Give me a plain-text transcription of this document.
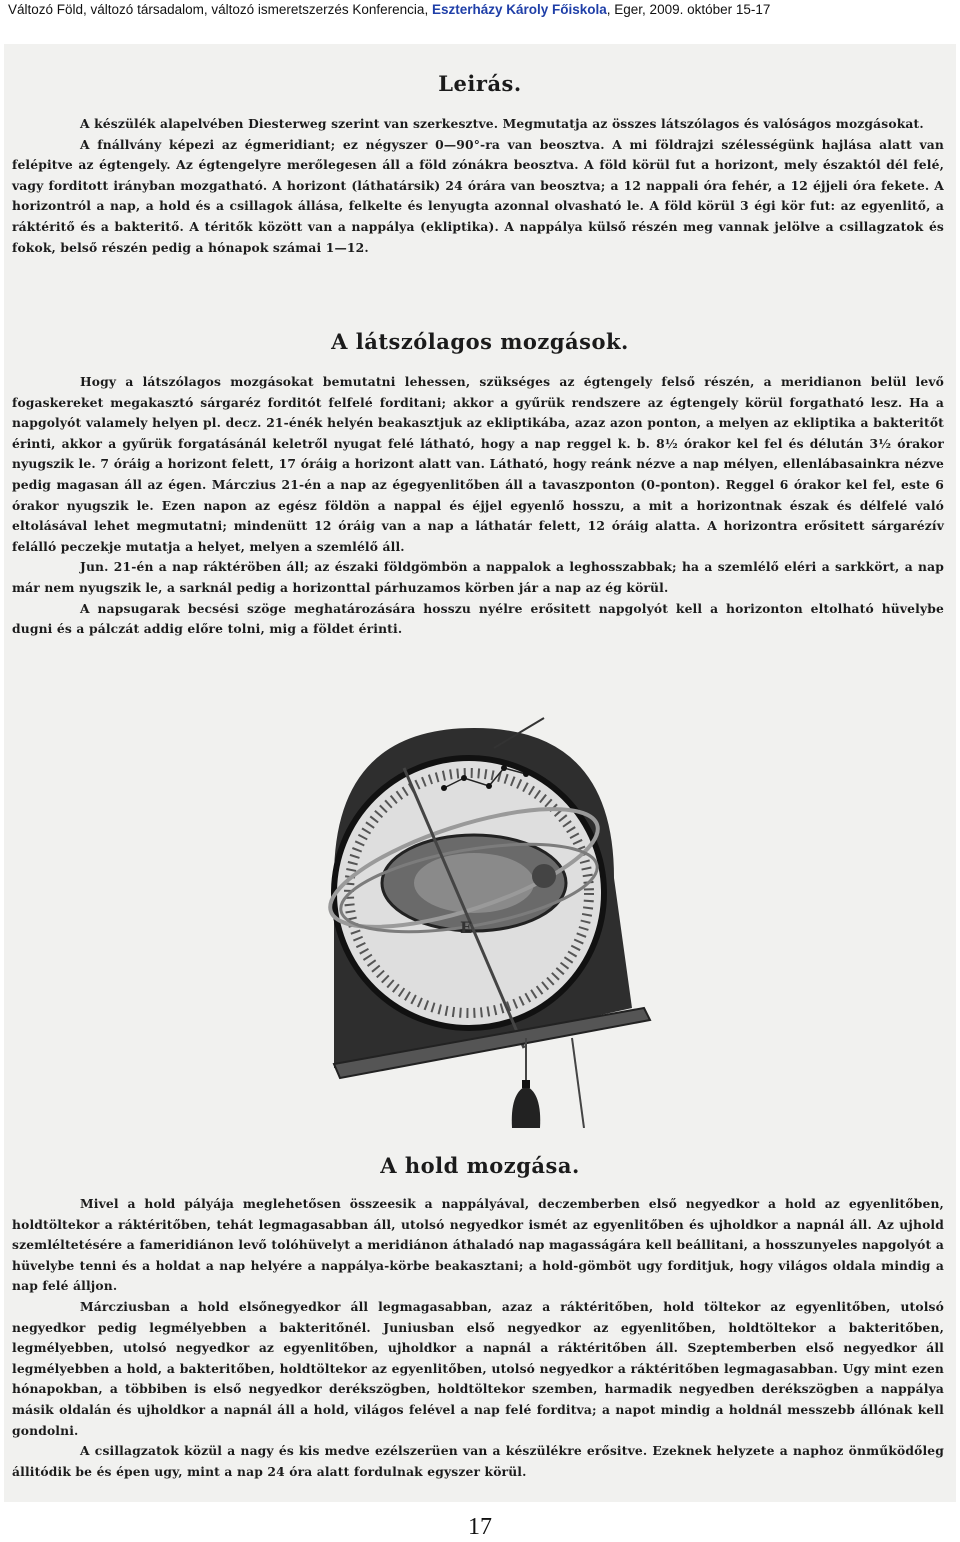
Változó Föld, változó társadalom, változó ismeretszerzés Konferencia, Eszterházy Károly Főiskola, Eger, 2009. október 15-17
Leirás.

A készülék alapelvében Diesterweg szerint van szerkesztve. Megmutatja az összes látszólagos és valóságos mozgásokat.

A fnállvány képezi az égmeridiant; ez négyszer 0—90°-ra van beosztva. A mi földrajzi szélességünk hajlása alatt van felépitve az égtengely. Az égtengelyre merőlegesen áll a föld zónákra beosztva. A föld körül fut a horizont, mely északtól dél felé, vagy forditott irányban mozgatható. A horizont (láthatársik) 24 órára van beosztva; a 12 nappali óra fehér, a 12 éjjeli óra fekete. A horizontról a nap, a hold és a csillagok állása, felkelte és lenyugta azonnal olvasható le. A föld körül 3 égi kör fut: az egyenlitő, a ráktéritő és a bakteritő. A téritők között van a nappálya (ekliptika). A nappálya külső részén meg vannak jelölve a csillagzatok és fokok, belső részén pedig a hónapok számai 1—12.

A látszólagos mozgások.

Hogy a látszólagos mozgásokat bemutatni lehessen, szükséges az égtengely felső részén, a meridianon belül levő fogaskereket megakasztó sárgaréz forditót felfelé forditani; akkor a gyűrük rendszere az égtengely körül forgatható lesz. Ha a napgolyót valamely helyen pl. decz. 21-énék helyén beakasztjuk az ekliptikába, azaz azon ponton, a melyen az ekliptika a bakteritőt érinti, akkor a gyűrük forgatásánál keletről nyugat felé látható, hogy a nap reggel k. b. 8½ órakor kel fel és délután 3½ órakor nyugszik le. 7 óráig a horizont felett, 17 óráig a horizont alatt van. Látható, hogy reánk nézve a nap mélyen, ellenlábasainkra nézve pedig magasan áll az égen. Márczius 21-én a nap az égegyenlitőben áll a tavaszponton (0-ponton). Reggel 6 órakor kel fel, este 6 órakor nyugszik le. Ezen napon az egész földön a nappal és éjjel egyenlő hosszu, a mit a horizontnak észak és délfelé való eltolásával lehet megmutatni; mindenütt 12 óráig van a nap a láthatár felett, 12 óráig alatta. A horizontra erősitett sárgarézív felálló peczekje mutatja a helyet, melyen a szemlélő áll.

Jun. 21-én a nap ráktéröben áll; az északi földgömbön a nappalok a leghosszabbak; ha a szemlélő eléri a sarkkört, a nap már nem nyugszik le, a sarknál pedig a horizonttal párhuzamos körben jár a nap az ég körül.

A napsugarak becsési szöge meghatározására hosszu nyélre erősitett napgolyót kell a horizonton eltolható hüvelybe dugni és a pálczát addig előre tolni, mig a földet érinti.

E
A hold mozgása.

Mivel a hold pályája meglehetősen összeesik a nappályával, deczemberben első negyedkor a hold az egyenlitőben, holdtöltekor a ráktéritőben, tehát legmagasabban áll, utolsó negyedkor ismét az egyenlitőben és ujholdkor a napnál áll. Az ujhold szemléltetésére a fameridiánon levő tolóhüvelyt a meridiánon áthaladó nap magasságára kell beállitani, a hosszunyeles napgolyót a hüvelybe tenni és a holdat a nap helyére a nappálya-körbe beakasztani; a hold-gömböt ugy forditjuk, hogy világos oldala mindig a nap felé álljon.

Márcziusban a hold elsőnegyedkor áll legmagasabban, azaz a ráktéritőben, hold töltekor az egyenlitőben, utolsó negyedkor pedig legmélyebben a bakteritőnél. Juniusban első negyedkor az egyenlitőben, holdtöltekor a bakteritőben, legmélyebben, utolsó negyedkor az egyenlitőben, ujholdkor a napnál a ráktéritőben áll. Szeptemberben első negyedkor áll legmélyebben a hold, a bakteritőben, holdtöltekor az egyenlitőben, utolsó negyedkor a ráktéritőben legmagasabban. Ugy mint ezen hónapokban, a többiben is első negyedkor derékszögben, holdtöltekor szemben, harmadik negyedben derékszögben a nappálya másik oldalán és ujholdkor a napnál áll a hold, világos felével a nap felé forditva; a napot mindig a holdnál messzebb állónak kell gondolni.

A csillagzatok közül a nagy és kis medve ezélszerüen van a készülékre erősitve. Ezeknek helyzete a naphoz önműködőleg állitódik be és épen ugy, mint a nap 24 óra alatt fordulnak egyszer körül.

17
